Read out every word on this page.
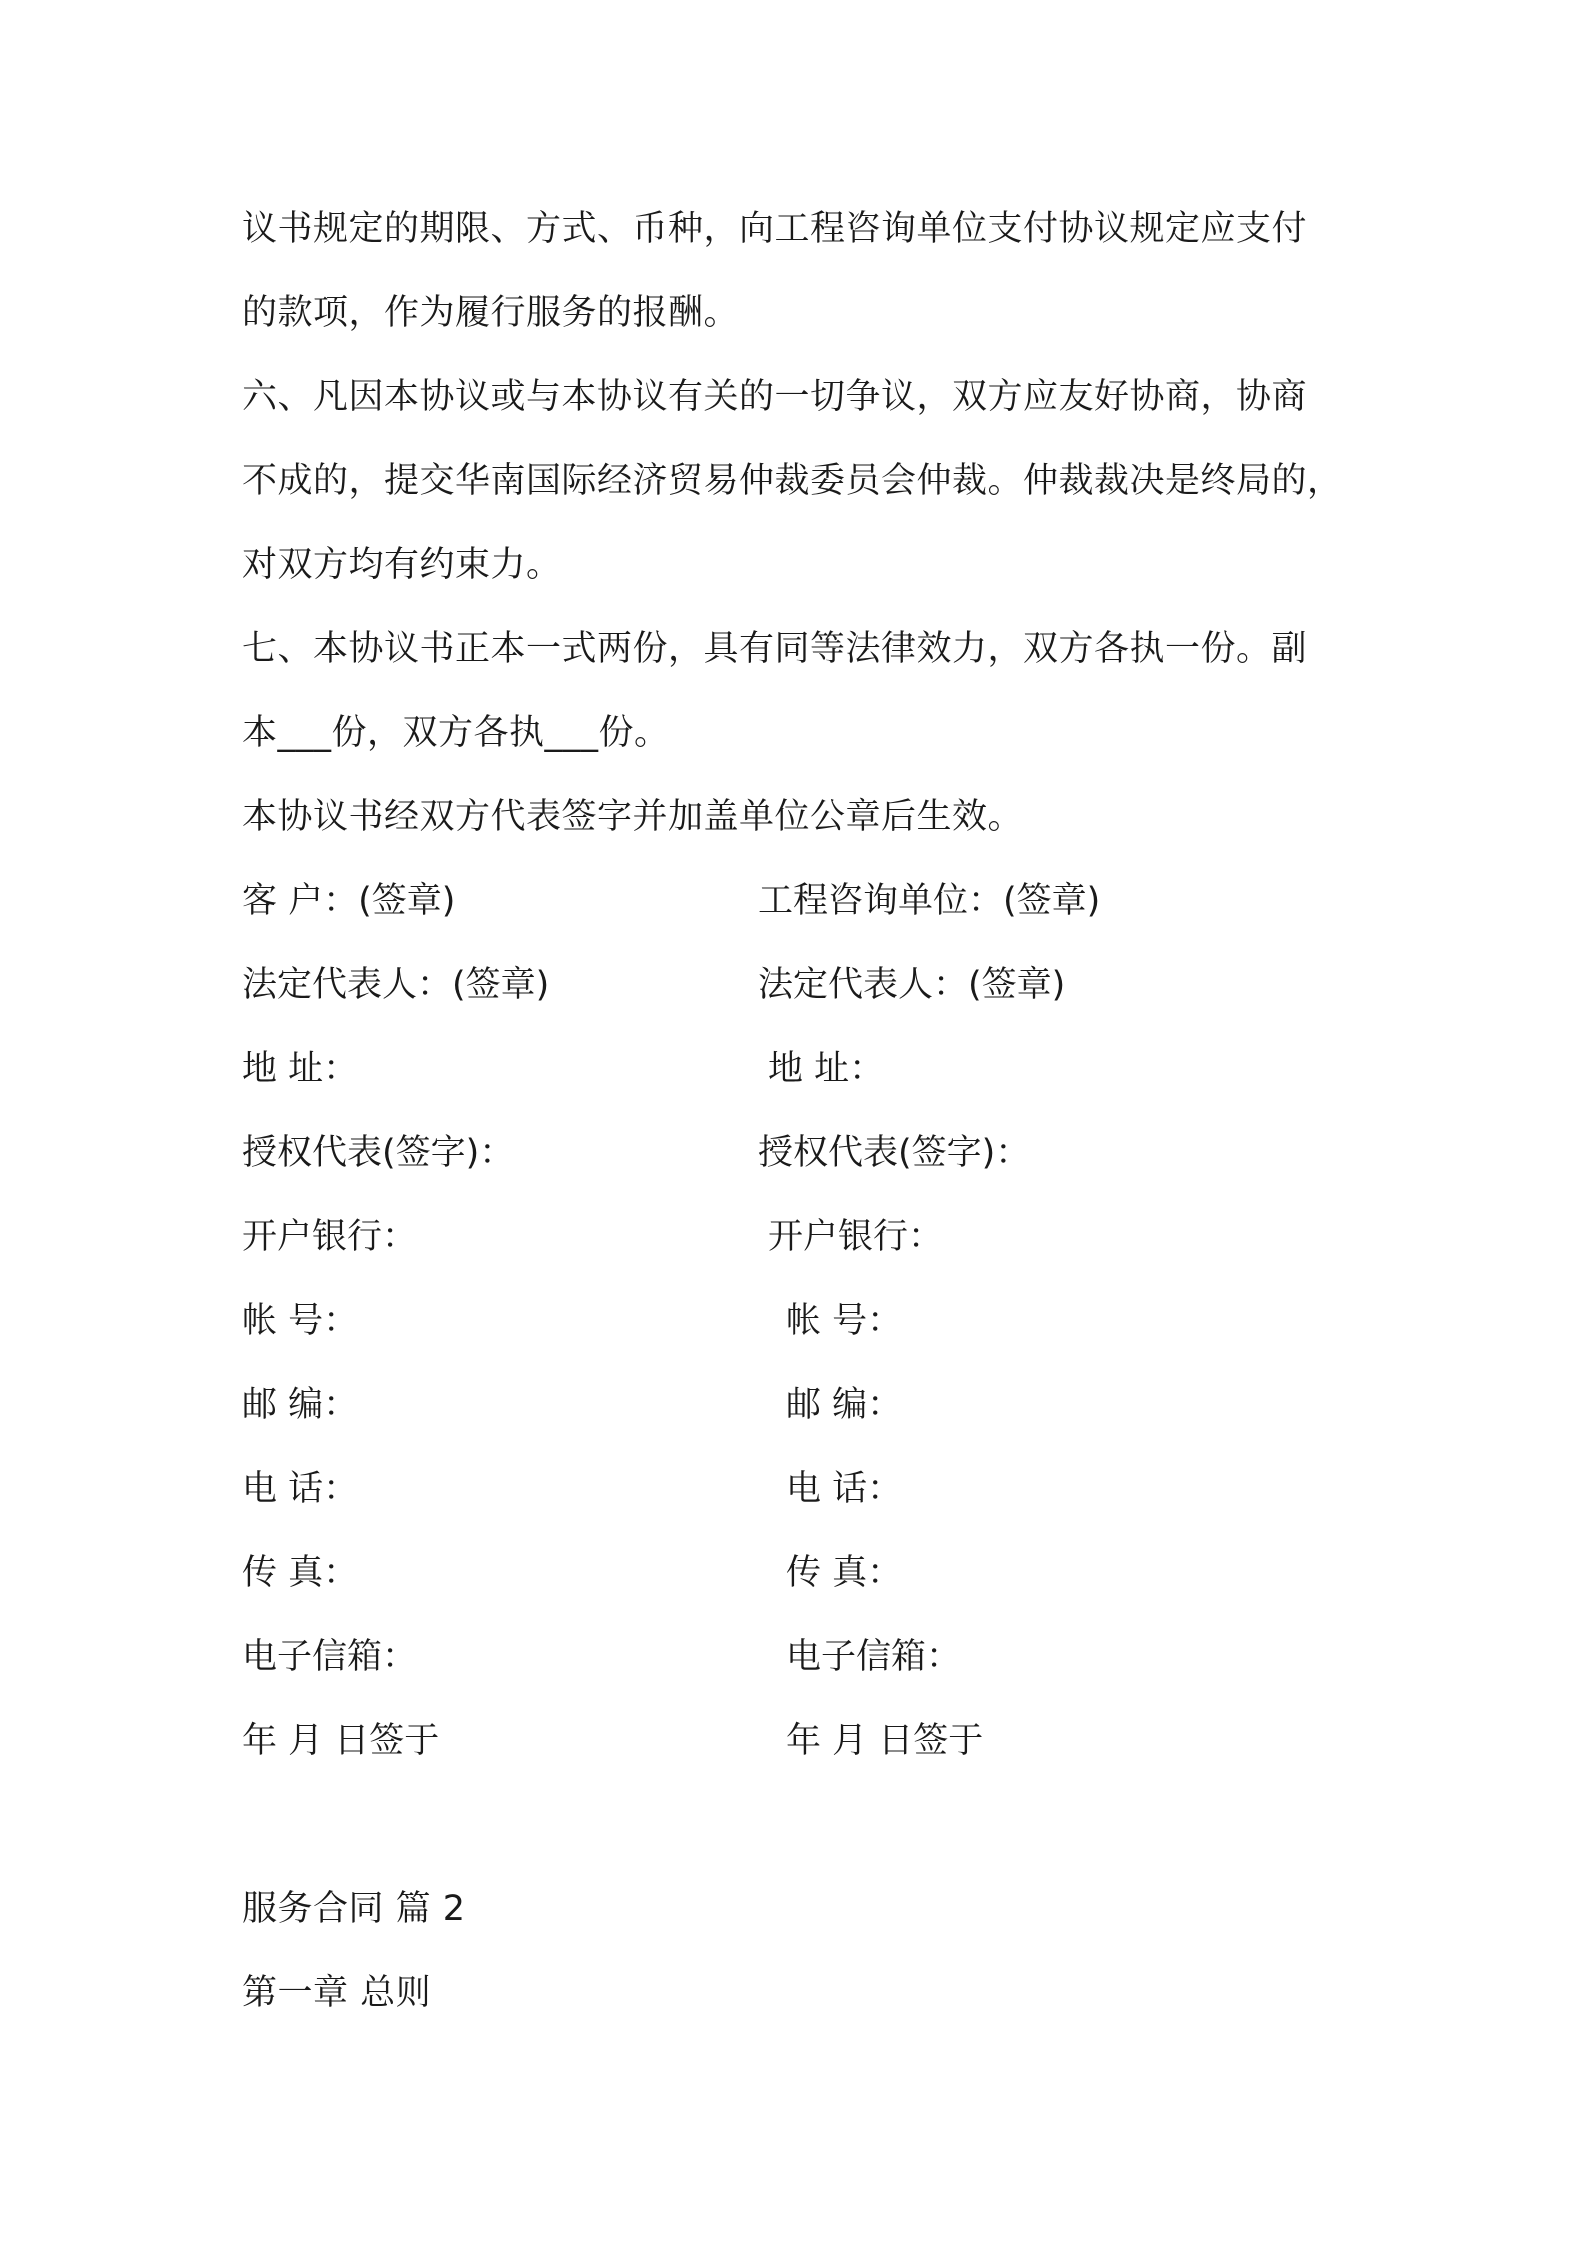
议书规定的期限、方式、币种，向工程咨询单位支付协议规定应支付
的款项，作为履行服务的报酬。
六、凡因本协议或与本协议有关的一切争议，双方应友好协商，协商
不成的，提交华南国际经济贸易仲裁委员会仲裁。仲裁裁决是终局的，
对双方均有约束力。
七、本协议书正本一式两份，具有同等法律效力，双方各执一份。副
本___份，双方各执___份。
本协议书经双方代表签字并加盖单位公章后生效。
客 户：(签章)	工程咨询单位：(签章)
法定代表人：(签章)	法定代表人：(签章)
地 址：	地 址：
授权代表(签字)：	授权代表(签字)：
开户银行：	开户银行：
帐 号：	帐 号：
邮 编：	邮 编：
电 话：	电 话：
传 真：	传 真：
电子信箱：	电子信箱：
年 月 日签于	年 月 日签于
服务合同 篇 2
第一章 总则
